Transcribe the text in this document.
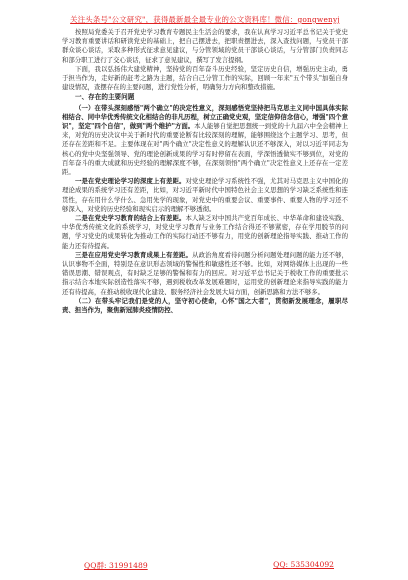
关注头条号"公文研究"，获得最新最全最专业的公文资料库！微信：gongwenyj

按照局党委关于召开党史学习教育专题民主生活会的要求，我在认真学习习近平总书记关于党史学习教育重要讲话和研读党史的基础上，把自己摆进去，把职责摆进去，深入查找问题，与党员干部群众谈心谈话，采取多种形式征求意见建议，与分管领域的党员干部谈心谈话，与分管部门负责同志和部分职工进行了交心谈话，征求了意见建议，撰写了发言提纲。

下面，我以弘扬伟大建党精神，坚持党的百年奋斗历史经验，坚定历史自信，增强历史主动，勇于担当作为，走好新的赶考之路为主题，结合自己分管工作的实际，回顾一年来"五个带头"加强自身建设情况，查摆存在的主要问题，进行党性分析，明确努力方向和整改措施。

一、存在的主要问题

（一）在带头深刻感悟"两个确立"的决定性意义，深刻感悟党坚持把马克思主义同中国具体实际相结合、同中华优秀传统文化相结合的非凡历程，树立正确党史观，坚定信仰信念信心，增强"四个意识"，坚定"四个自信"，做到"两个维护"方面。本人能够自觉把思想统一到党的十九届六中全会精神上来，对党的历史决议中关于新时代的重要论断有比较深刻的理解，能够围绕这个主题学习、思考，但还存在差距和不足。主要体现在对"两个确立"决定性意义的理解认识还不够深入，对以习近平同志为核心的党中央坚强领导、党的理论创新成果的学习有时停留在表面，学深悟透做实不够到位，对党的百年奋斗的重大成就和历史经验的理解深度不够，在深刻领悟"两个确立"决定性意义上还存在一定差距。

一是在党史理论学习的深度上有差距。对党史理论学习系统性不强，尤其对马克思主义中国化的理论成果的系统学习还有差距，比如，对习近平新时代中国特色社会主义思想的学习缺乏系统性和连贯性，存在用什么学什么、急用先学的现象，对党史中的重要会议、重要事件、重要人物的学习还不够深入，对党的历史经验和现实启示的理解不够透彻。

二是在党史学习教育的结合上有差距。本人缺乏对中国共产党百年成长、中华革命和建设实践、中华优秀传统文化的系统学习，对党史学习教育与业务工作结合得还不够紧密，存在学用脱节的问题，学习党史的成果转化为推动工作的实际行动还不够有力，用党的创新理论指导实践、推动工作的能力还有待提高。

三是在应用党史学习教育成果上有差距。从政治角度看待问题分析问题处理问题的能力还不够，认识事物不全面，特别是在意识形态领域的警惕性和敏感性还不够。比如，对网络媒体上出现的一些错误思潮、错误观点，有时缺乏足够的警惕和有力的回应。对习近平总书记关于税收工作的重要批示指示结合本地实际创造性落实不够，遇到税收改革发展难题时，运用党的创新理论来指导实践的能力还有待提高，在推动税收现代化建设、服务经济社会发展大局方面，创新思路和方法不够多。

（二）在带头牢记我们是党的人，坚守初心使命，心怀"国之大者"，贯彻新发展理念，履职尽责、担当作为，聚焦新冠肺炎疫情防控、

QQ群: 31991489	QQ: 535304092
